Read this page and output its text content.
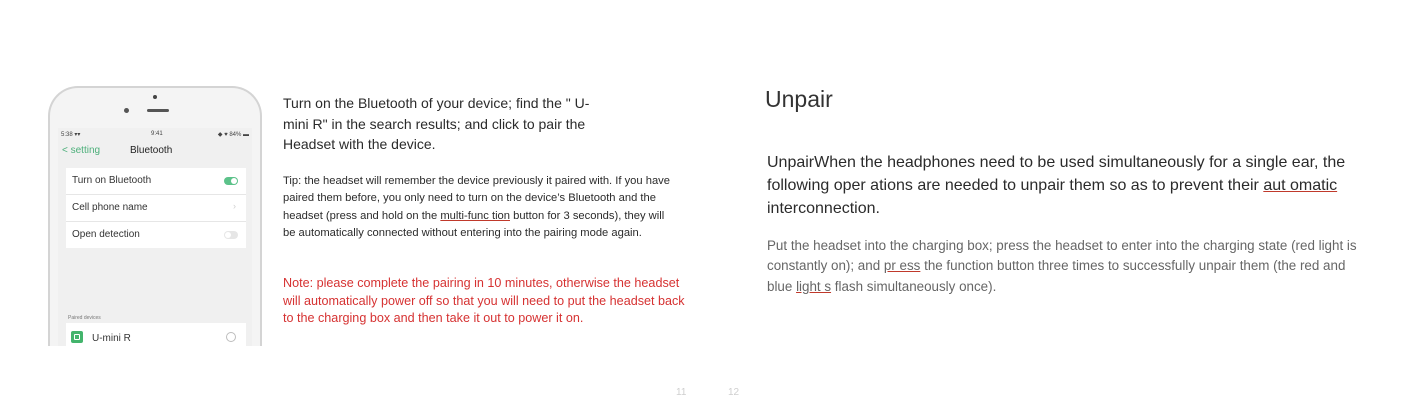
5:38 ▾▾	9:41	◆ ♥ 84% ▬
< setting	Bluetooth
Turn on Bluetooth
Cell phone name	›
Open detection
Paired devices
U-mini R

Turn on the Bluetooth of your device; find the " U-mini R" in the search results; and click to pair the Headset with the device.

Tip: the headset will remember the device previously it paired with. If you have paired them before, you only need to turn on the device’s Bluetooth and the headset (press and hold on the multi-func tion button for 3 seconds), they will be automatically connected without entering into the pairing mode again.

Note: please complete the pairing in 10 minutes, otherwise the headset will automatically power off so that you will need to put the headset back to the charging box and then take it out to power it on.

Unpair

UnpairWhen the headphones need to be used simultaneously for a single ear, the following oper ations are needed to unpair them so as to prevent their aut omatic interconnection.

Put the headset into the charging box; press the headset to enter into the charging state (red light is constantly on); and pr ess the function button three times to successfully unpair them (the red and blue light s flash simultaneously once).

11	12
